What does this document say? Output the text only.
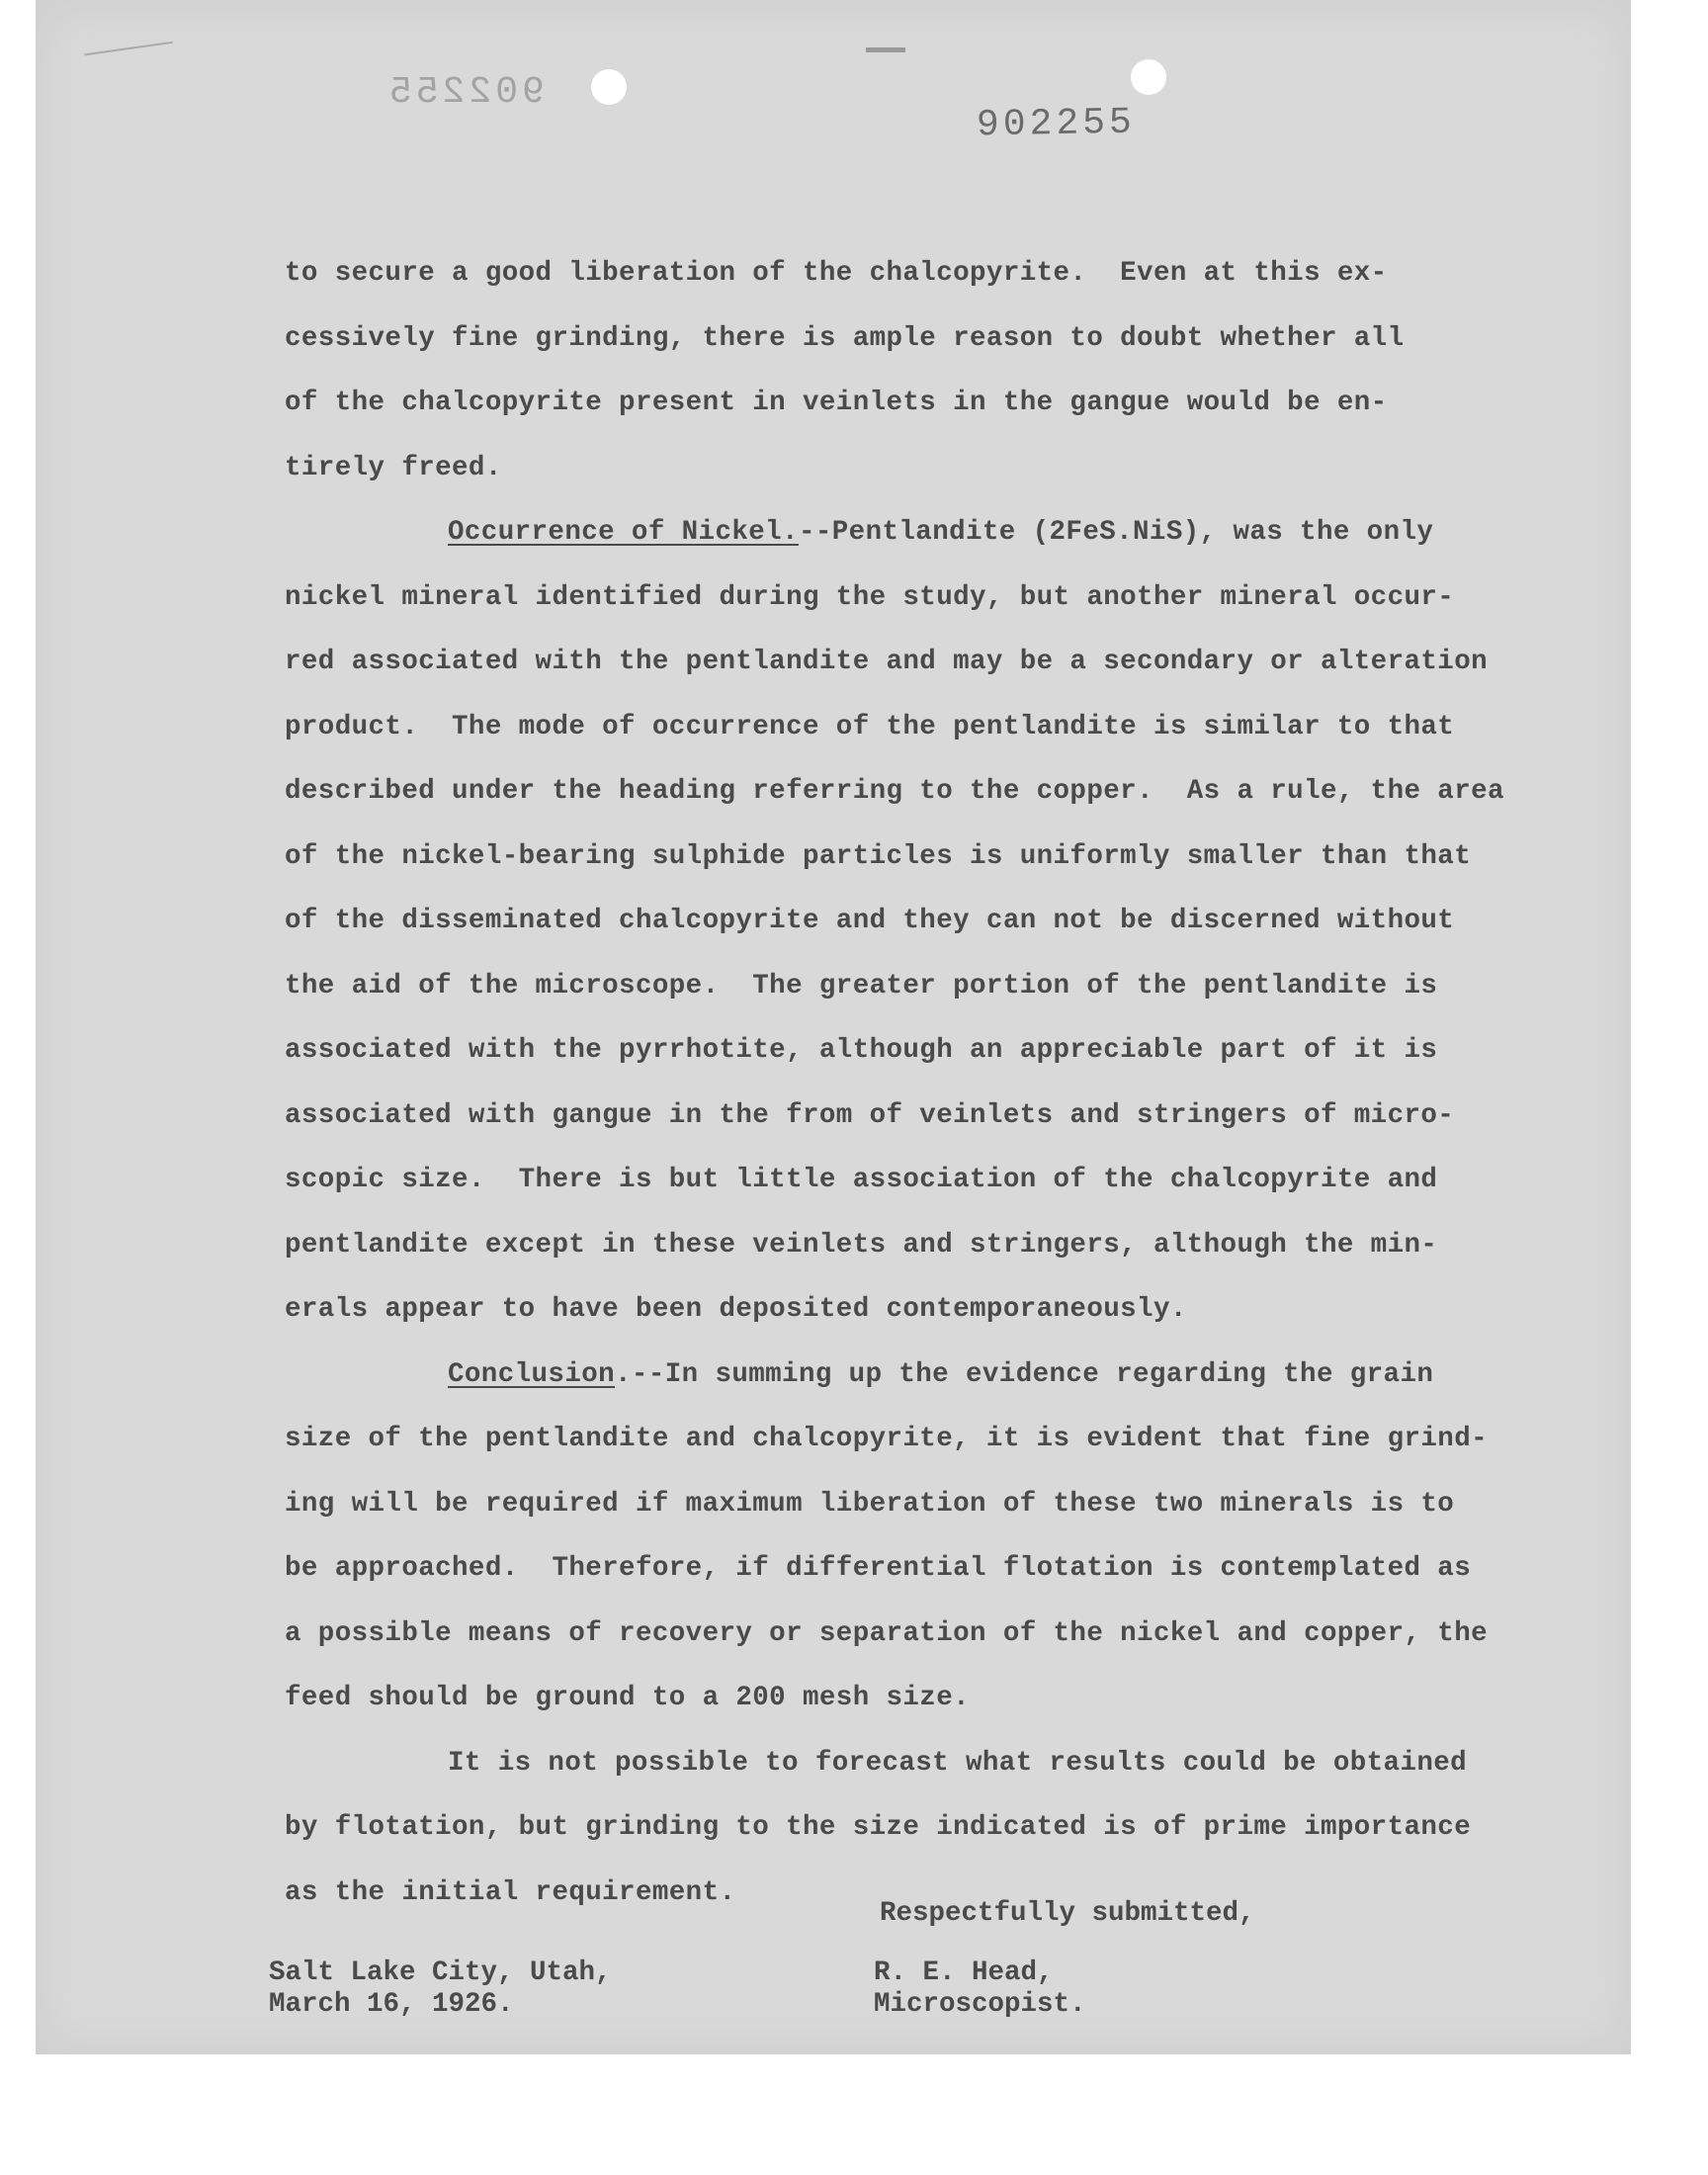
902255
902255
to secure a good liberation of the chalcopyrite.  Even at this ex-
cessively fine grinding, there is ample reason to doubt whether all
of the chalcopyrite present in veinlets in the gangue would be en-
tirely freed.
Occurrence of Nickel.--Pentlandite (2FeS.NiS), was the only
nickel mineral identified during the study, but another mineral occur-
red associated with the pentlandite and may be a secondary or alteration
product.  The mode of occurrence of the pentlandite is similar to that
described under the heading referring to the copper.  As a rule, the area
of the nickel-bearing sulphide particles is uniformly smaller than that
of the disseminated chalcopyrite and they can not be discerned without
the aid of the microscope.  The greater portion of the pentlandite is
associated with the pyrrhotite, although an appreciable part of it is
associated with gangue in the from of veinlets and stringers of micro-
scopic size.  There is but little association of the chalcopyrite and
pentlandite except in these veinlets and stringers, although the min-
erals appear to have been deposited contemporaneously.
Conclusion.--In summing up the evidence regarding the grain
size of the pentlandite and chalcopyrite, it is evident that fine grind-
ing will be required if maximum liberation of these two minerals is to
be approached.  Therefore, if differential flotation is contemplated as
a possible means of recovery or separation of the nickel and copper, the
feed should be ground to a 200 mesh size.
It is not possible to forecast what results could be obtained
by flotation, but grinding to the size indicated is of prime importance
as the initial requirement.
Respectfully submitted,
Salt Lake City, Utah,
March 16, 1926.
R. E. Head,
Microscopist.
